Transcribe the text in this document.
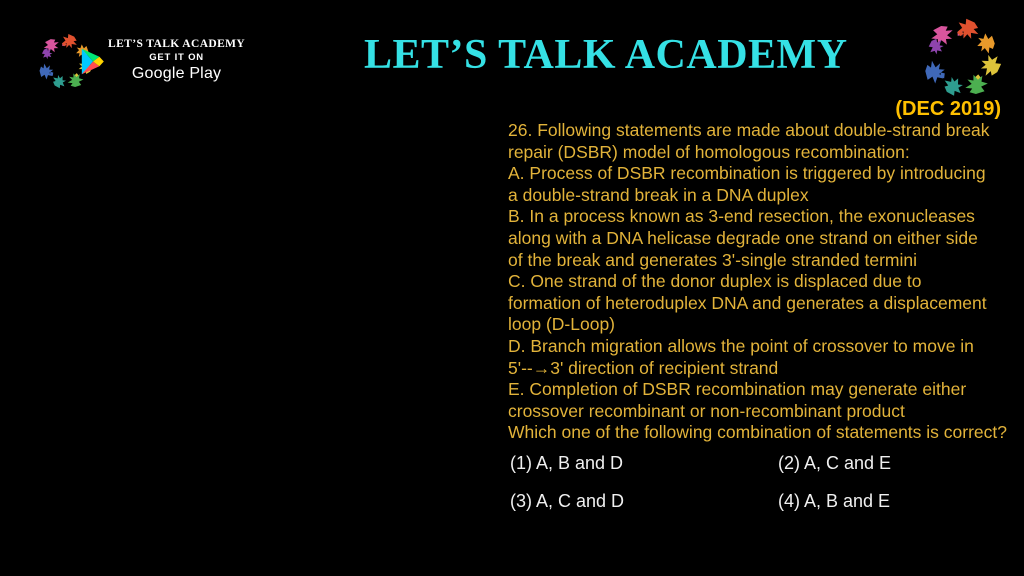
LET’S TALK ACADEMY
GET IT ON
Google Play	LET’S TALK ACADEMY
(DEC 2019)
26. Following statements are made about double-strand break
repair (DSBR) model of homologous recombination:
A. Process of DSBR recombination is triggered by introducing
a double-strand break in a DNA duplex
B. In a process known as 3-end resection, the exonucleases
along with a DNA helicase degrade one strand on either side
of the break and generates 3'-single stranded termini
C. One strand of the donor duplex is displaced due to
formation of heteroduplex DNA and generates a displacement
loop (D-Loop)
D. Branch migration allows the point of crossover to move in
5'--→3' direction of recipient strand
E. Completion of DSBR recombination may generate either
crossover recombinant or non-recombinant product
Which one of the following combination of statements is correct?
(1) A, B and D	(2) A, C and E
(3) A, C and D	(4) A, B and E
